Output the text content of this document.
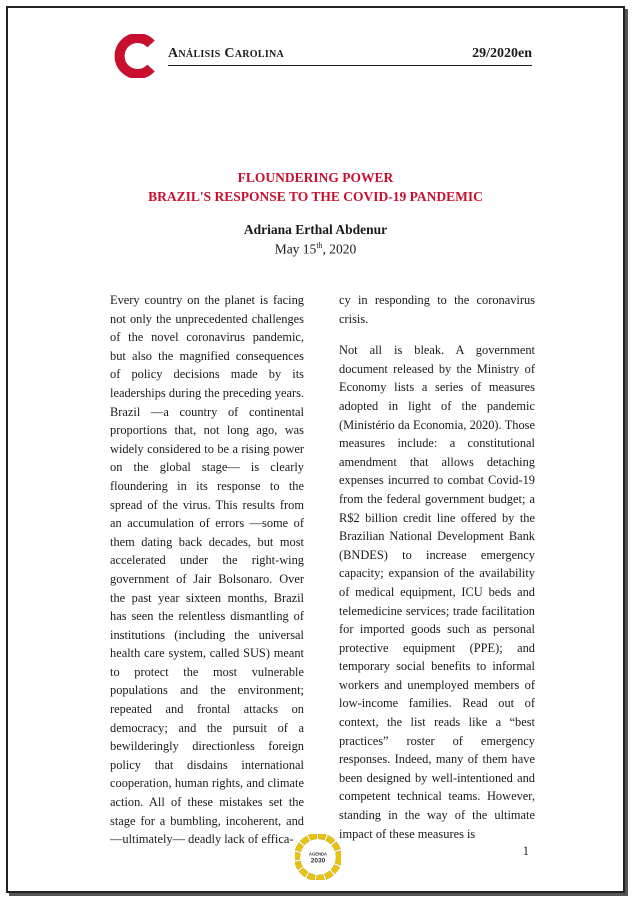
Análisis Carolina	29/2020en
FLOUNDERING POWER
BRAZIL'S RESPONSE TO THE COVID-19 PANDEMIC
Adriana Erthal Abdenur
May 15th, 2020

Every country on the planet is facing not only the unprecedented challenges of the novel coronavirus pandemic, but also the magnified consequences of policy decisions made by its leaderships during the preceding years. Brazil —a country of continental proportions that, not long ago, was widely considered to be a rising power on the global stage— is clearly floundering in its response to the spread of the virus. This results from an accumulation of errors —some of them dating back decades, but most accelerated under the right-wing government of Jair Bolsonaro. Over the past year sixteen months, Brazil has seen the relentless dismantling of institutions (including the universal health care system, called SUS) meant to protect the most vulnerable populations and the environment; repeated and frontal attacks on democracy; and the pursuit of a bewilderingly directionless foreign policy that disdains international cooperation, human rights, and climate action. All of these mistakes set the stage for a bumbling, incoherent, and —ultimately— deadly lack of effica-

cy in responding to the coronavirus crisis.

Not all is bleak. A government document released by the Ministry of Economy lists a series of measures adopted in light of the pandemic (Ministério da Economia, 2020). Those measures include: a constitutional amendment that allows detaching expenses incurred to combat Covid-19 from the federal government budget; a R$2 billion credit line offered by the Brazilian National Development Bank (BNDES) to increase emergency capacity; expansion of the availability of medical equipment, ICU beds and telemedicine services; trade facilitation for imported goods such as personal protective equipment (PPE); and temporary social benefits to informal workers and unemployed members of low-income families. Read out of context, the list reads like a “best practices” roster of emergency responses. Indeed, many of them have been designed by well-intentioned and competent technical teams. However, standing in the way of the ultimate impact of these measures is

AGENDA
2030
1
